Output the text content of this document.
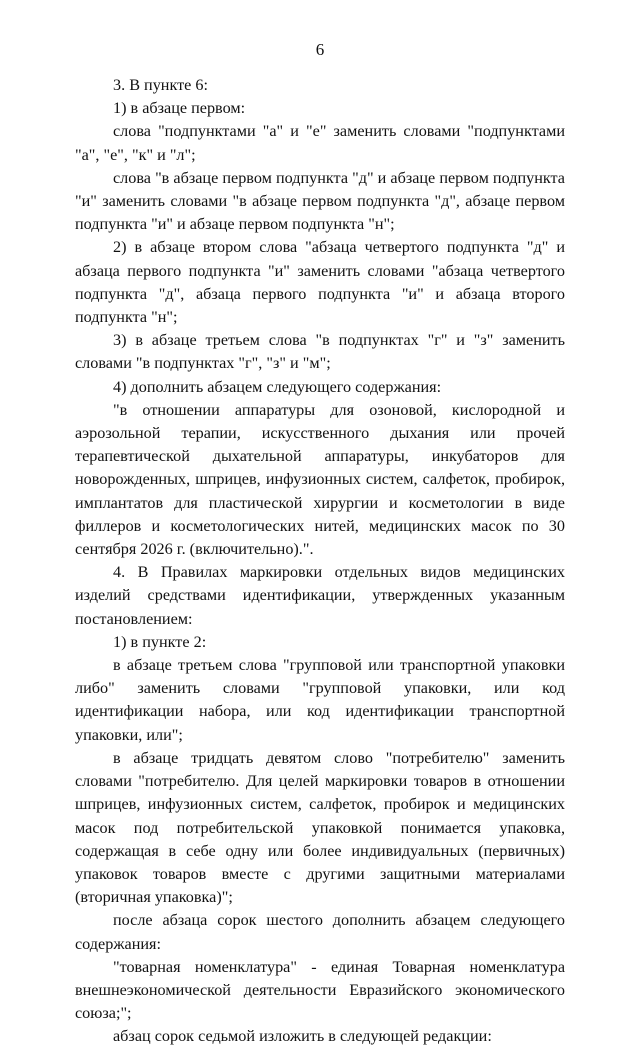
6

3. В пункте 6:

1) в абзаце первом:

слова "подпунктами "а" и "е" заменить словами "подпунктами "а", "е", "к" и "л";

слова "в абзаце первом подпункта "д" и абзаце первом подпункта "и" заменить словами "в абзаце первом подпункта "д", абзаце первом подпункта "и" и абзаце первом подпункта "н";

2) в абзаце втором слова "абзаца четвертого подпункта "д" и абзаца первого подпункта "и" заменить словами "абзаца четвертого подпункта "д", абзаца первого подпункта "и" и абзаца второго подпункта "н";

3) в абзаце третьем слова "в подпунктах "г" и "з" заменить словами "в подпунктах "г", "з" и "м";

4) дополнить абзацем следующего содержания:

"в отношении аппаратуры для озоновой, кислородной и аэрозольной терапии, искусственного дыхания или прочей терапевтической дыхательной аппаратуры, инкубаторов для новорожденных, шприцев, инфузионных систем, салфеток, пробирок, имплантатов для пластической хирургии и косметологии в виде филлеров и косметологических нитей, медицинских масок по 30 сентября 2026 г. (включительно).".

4. В Правилах маркировки отдельных видов медицинских изделий средствами идентификации, утвержденных указанным постановлением:

1) в пункте 2:

в абзаце третьем слова "групповой или транспортной упаковки либо" заменить словами "групповой упаковки, или код идентификации набора, или код идентификации транспортной упаковки, или";

в абзаце тридцать девятом слово "потребителю" заменить словами "потребителю. Для целей маркировки товаров в отношении шприцев, инфузионных систем, салфеток, пробирок и медицинских масок под потребительской упаковкой понимается упаковка, содержащая в себе одну или более индивидуальных (первичных) упаковок товаров вместе с другими защитными материалами (вторичная упаковка)";

после абзаца сорок шестого дополнить абзацем следующего содержания:

"товарная номенклатура" - единая Товарная номенклатура внешнеэкономической деятельности Евразийского экономического союза;";

абзац сорок седьмой изложить в следующей редакции:
